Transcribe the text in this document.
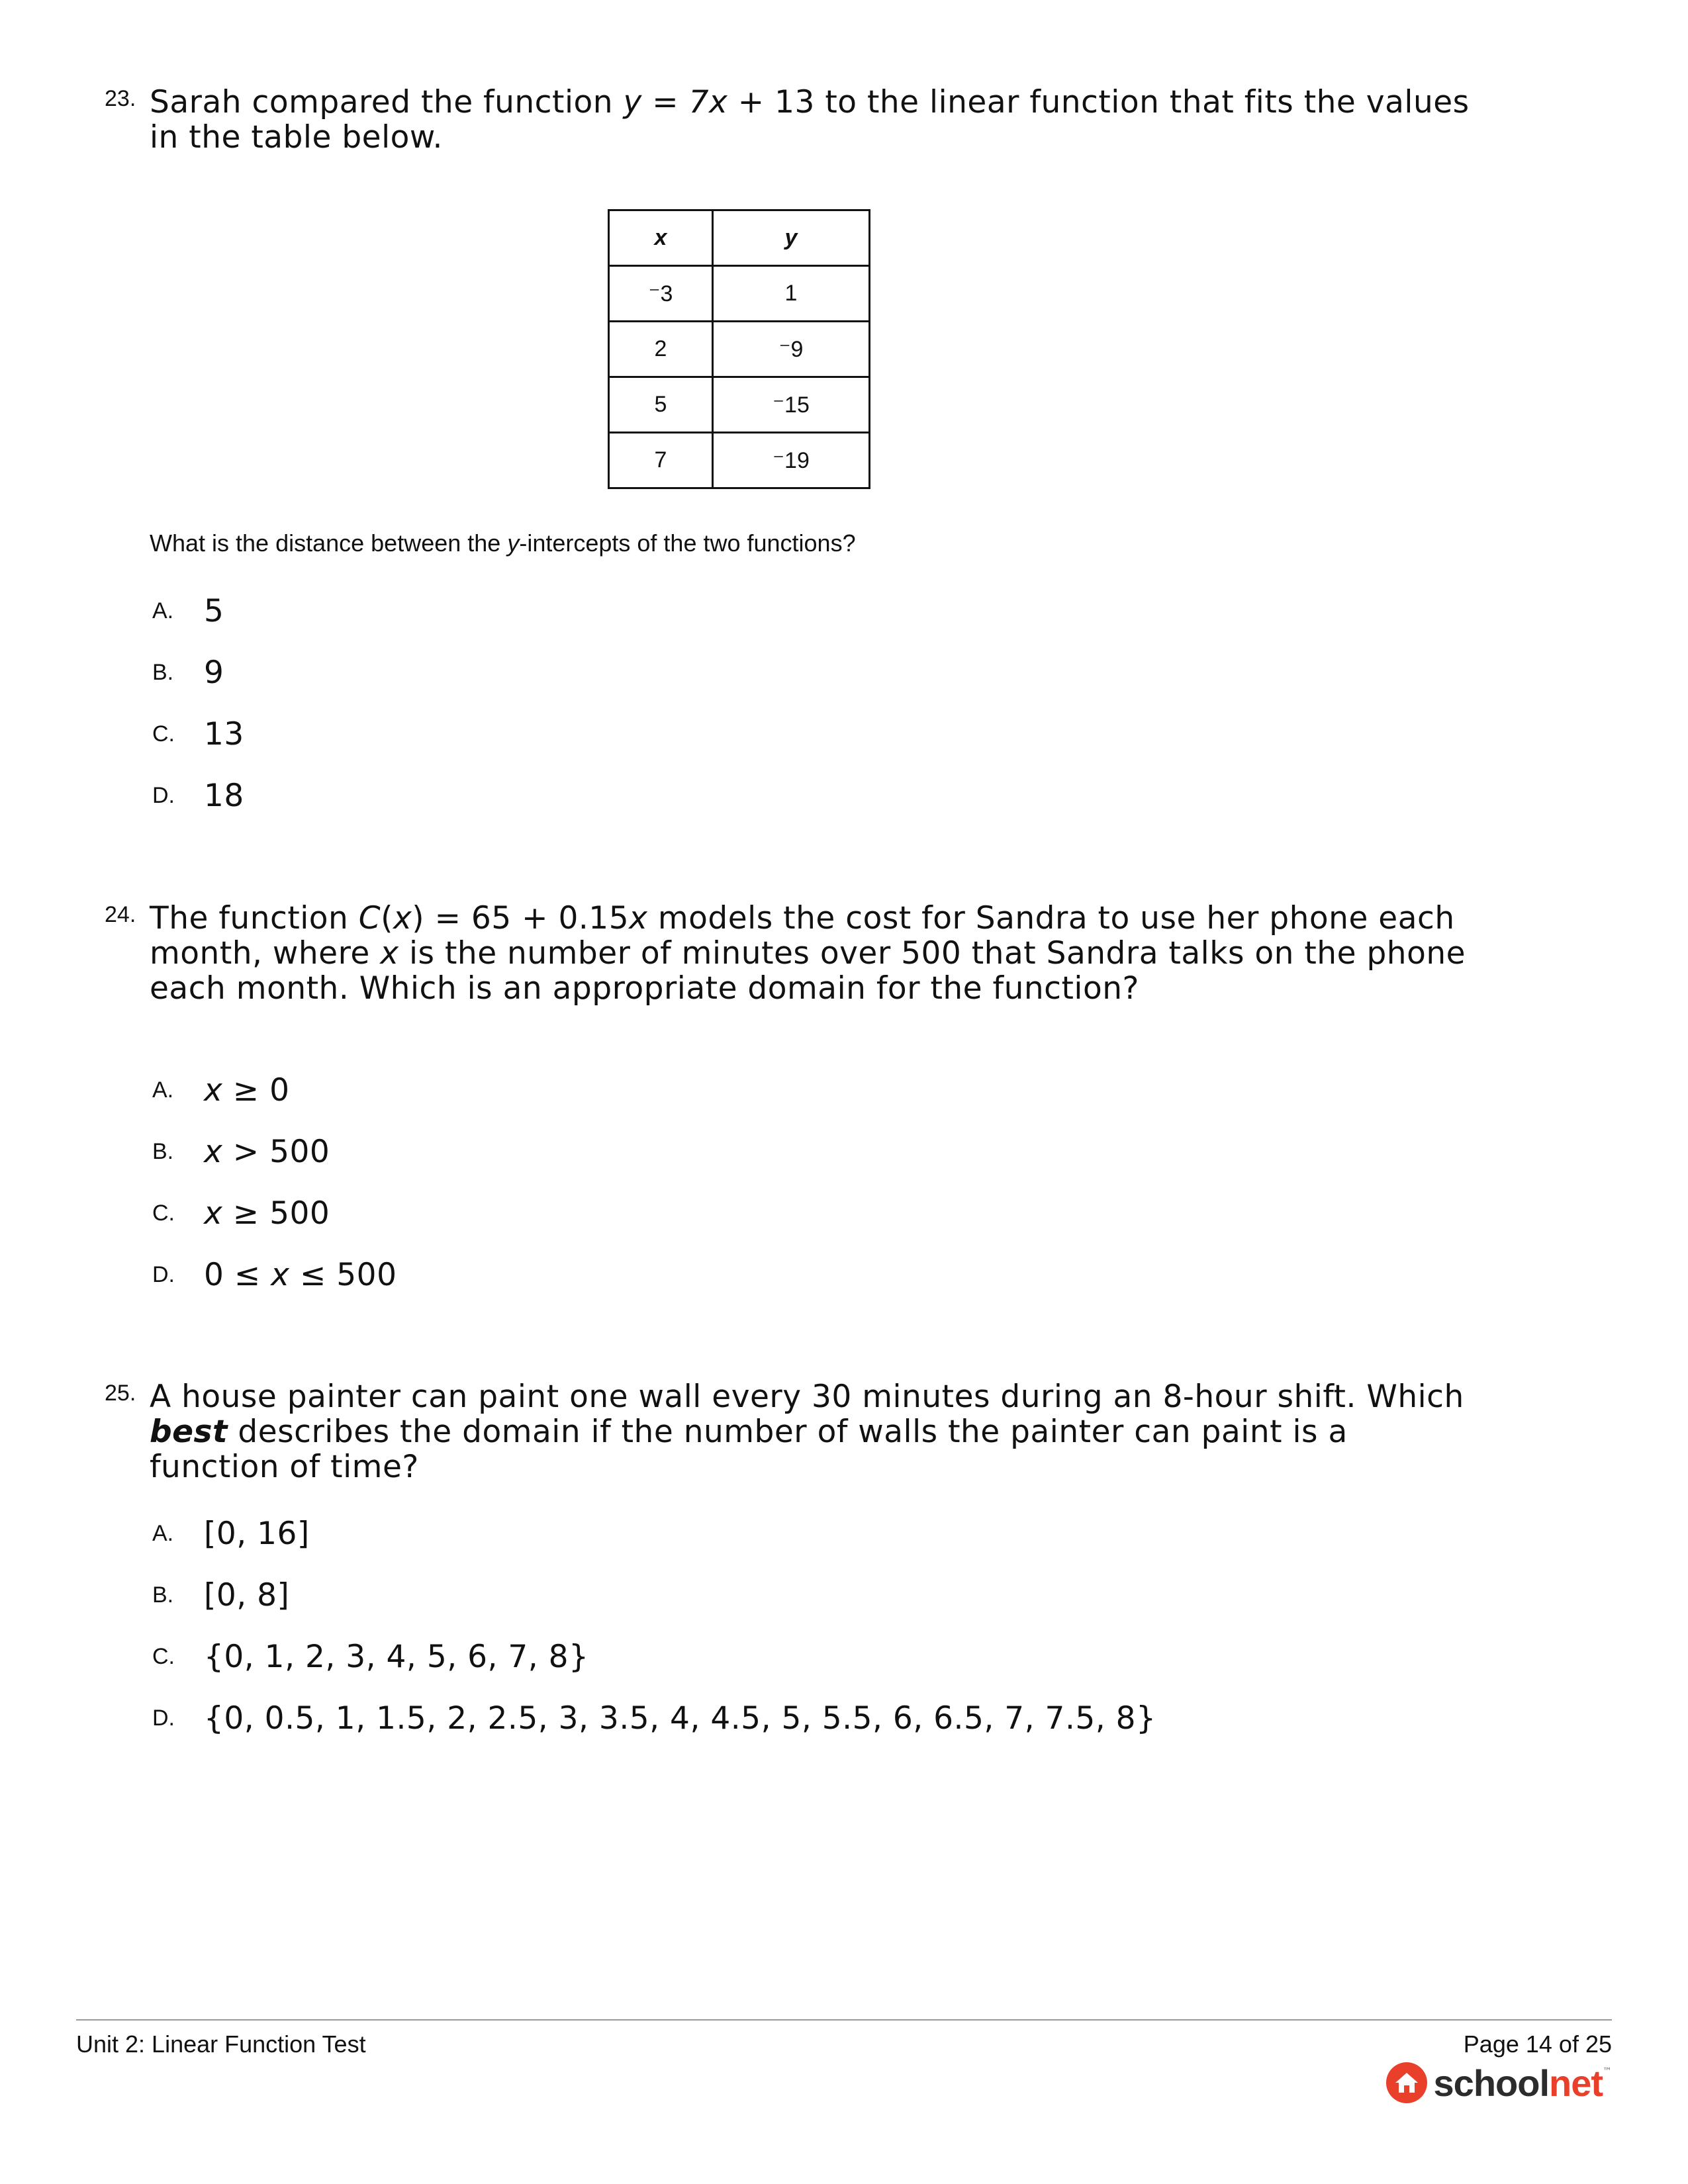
23. Sarah compared the function y = 7x + 13 to the linear function that fits the values in the table below.
x	y
⁻3	1
2	⁻9
5	⁻15
7	⁻19
What is the distance between the y-intercepts of the two functions?
A. 5
B. 9
C. 13
D. 18
24. The function C(x) = 65 + 0.15x models the cost for Sandra to use her phone each month, where x is the number of minutes over 500 that Sandra talks on the phone each month. Which is an appropriate domain for the function?
A. x ≥ 0
B. x > 500
C. x ≥ 500
D. 0 ≤ x ≤ 500
25. A house painter can paint one wall every 30 minutes during an 8-hour shift. Which best describes the domain if the number of walls the painter can paint is a function of time?
A. [0, 16]
B. [0, 8]
C. {0, 1, 2, 3, 4, 5, 6, 7, 8}
D. {0, 0.5, 1, 1.5, 2, 2.5, 3, 3.5, 4, 4.5, 5, 5.5, 6, 6.5, 7, 7.5, 8}
Unit 2: Linear Function Test	Page 14 of 25
schoolnet ™
